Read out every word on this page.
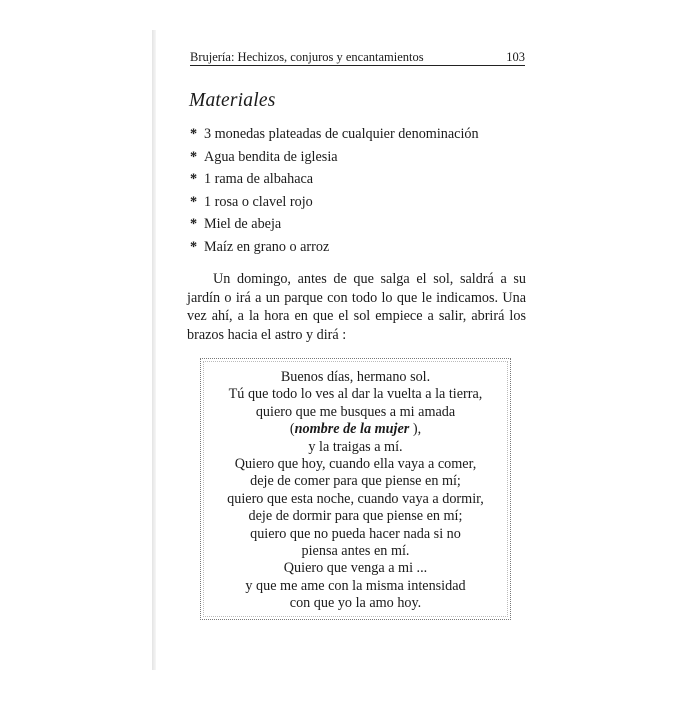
Brujería: Hechizos, conjuros y encantamientos	103
Materiales
* 3 monedas plateadas de cualquier denominación
* Agua bendita de iglesia
* 1 rama de albahaca
* 1 rosa o clavel rojo
* Miel de abeja
* Maíz en grano o arroz

Un domingo, antes de que salga el sol, saldrá a su jardín o irá a un parque con todo lo que le indicamos. Una vez ahí, a la hora en que el sol empiece a salir, abrirá los brazos hacia el astro y dirá :

Buenos días, hermano sol.
Tú que todo lo ves al dar la vuelta a la tierra,
quiero que me busques a mi amada
(nombre de la mujer ),
y la traigas a mí.
Quiero que hoy, cuando ella vaya a comer,
deje de comer para que piense en mí;
quiero que esta noche, cuando vaya a dormir,
deje de dormir para que piense en mí;
quiero que no pueda hacer nada si no
piensa antes en mí.
Quiero que venga a mi ...
y que me ame con la misma intensidad
con que yo la amo hoy.
